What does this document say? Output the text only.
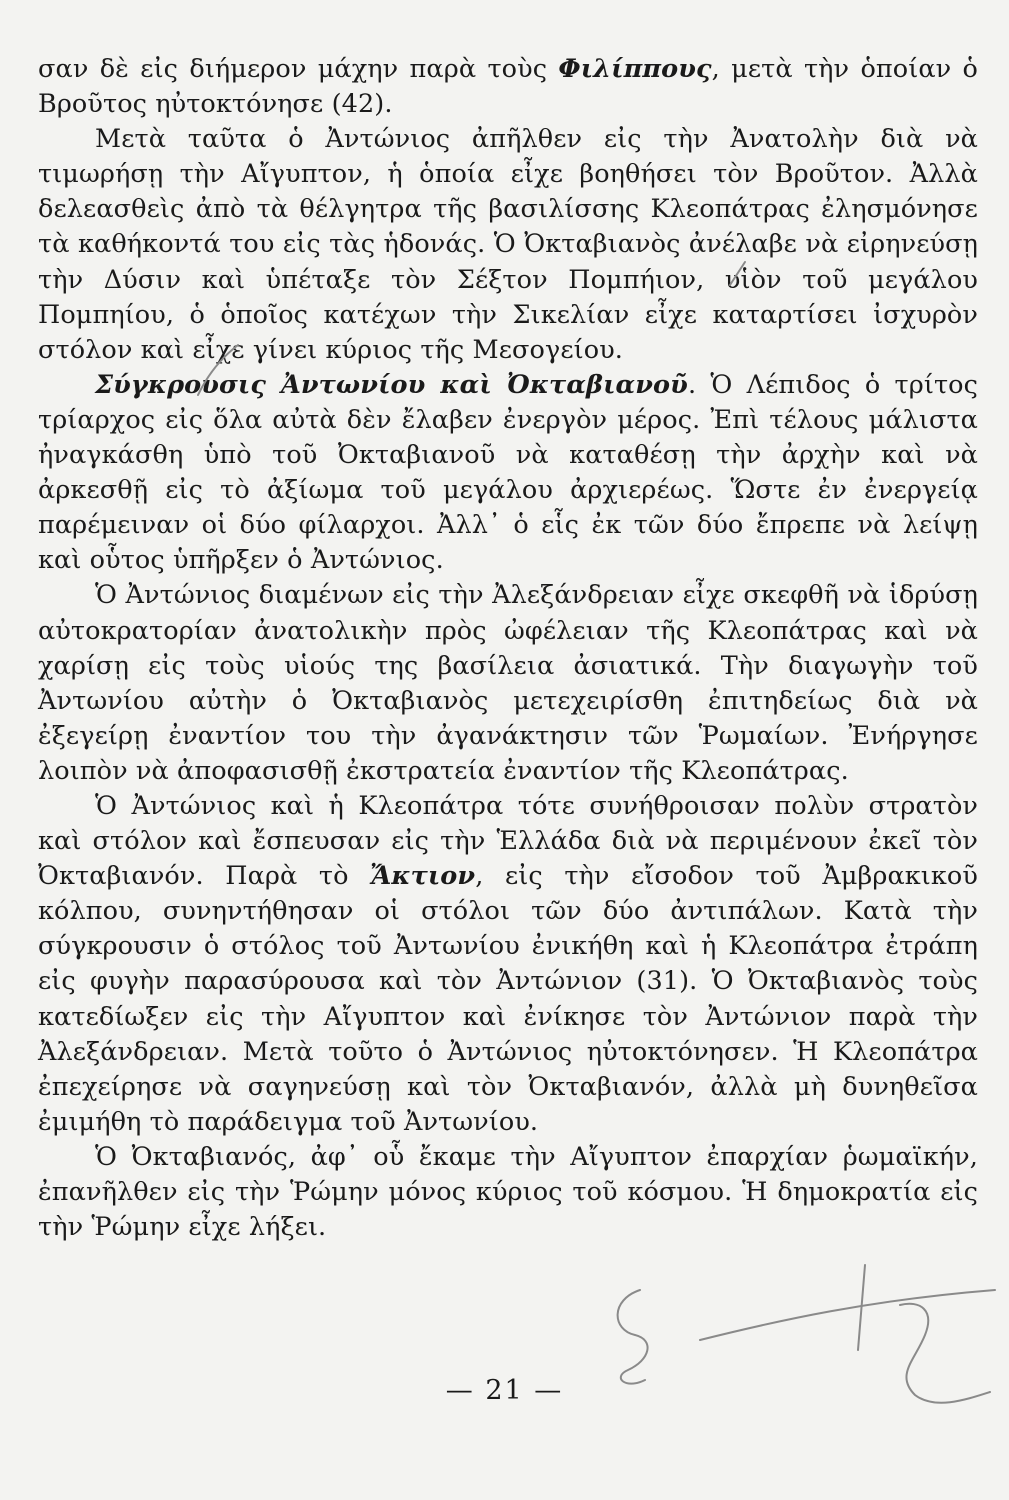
σαν δὲ εἰς διήμερον μάχην παρὰ τοὺς Φιλίππους, μετὰ τὴν ὁποίαν ὁ Βροῦτος ηὐτοκτόνησε (42).

Μετὰ ταῦτα ὁ Ἀντώνιος ἀπῆλθεν εἰς τὴν Ἀνατολὴν διὰ νὰ τιμωρήσῃ τὴν Αἴγυπτον, ἡ ὁποία εἶχε βοηθήσει τὸν Βροῦτον. Ἀλλὰ δελεασθεὶς ἀπὸ τὰ θέλγητρα τῆς βασιλίσσης Κλεοπάτρας ἐλησμόνησε τὰ καθήκοντά του εἰς τὰς ἡδονάς. Ὁ Ὀκταβιανὸς ἀνέλαβε νὰ εἰρηνεύσῃ τὴν Δύσιν καὶ ὑπέταξε τὸν Σέξτον Πομπήιον, υἱὸν τοῦ μεγάλου Πομπηίου, ὁ ὁποῖος κατέχων τὴν Σικελίαν εἶχε καταρτίσει ἰσχυρὸν στόλον καὶ εἶχε γίνει κύριος τῆς Μεσογείου.

Σύγκρουσις Ἀντωνίου καὶ Ὀκταβιανοῦ. Ὁ Λέπιδος ὁ τρίτος τρίαρχος εἰς ὅλα αὐτὰ δὲν ἔλαβεν ἐνεργὸν μέρος. Ἐπὶ τέλους μάλιστα ἠναγκάσθη ὑπὸ τοῦ Ὀκταβιανοῦ νὰ καταθέσῃ τὴν ἀρχὴν καὶ νὰ ἀρκεσθῇ εἰς τὸ ἀξίωμα τοῦ μεγάλου ἀρχιερέως. Ὥστε ἐν ἐνεργείᾳ παρέμειναν οἱ δύο φίλαρχοι. Ἀλλ᾽ ὁ εἷς ἐκ τῶν δύο ἔπρεπε νὰ λείψῃ καὶ οὗτος ὑπῆρξεν ὁ Ἀντώνιος.

Ὁ Ἀντώνιος διαμένων εἰς τὴν Ἀλεξάνδρειαν εἶχε σκεφθῆ νὰ ἱδρύσῃ αὐτοκρατορίαν ἀνατολικὴν πρὸς ὠφέλειαν τῆς Κλεοπάτρας καὶ νὰ χαρίσῃ εἰς τοὺς υἱούς της βασίλεια ἀσιατικά. Τὴν διαγωγὴν τοῦ Ἀντωνίου αὐτὴν ὁ Ὀκταβιανὸς μετεχειρίσθη ἐπιτηδείως διὰ νὰ ἐξεγείρῃ ἐναντίον του τὴν ἀγανάκτησιν τῶν Ῥωμαίων. Ἐνήργησε λοιπὸν νὰ ἀποφασισθῇ ἐκστρατεία ἐναντίον τῆς Κλεοπάτρας.

Ὁ Ἀντώνιος καὶ ἡ Κλεοπάτρα τότε συνήθροισαν πολὺν στρατὸν καὶ στόλον καὶ ἔσπευσαν εἰς τὴν Ἑλλάδα διὰ νὰ περιμένουν ἐκεῖ τὸν Ὀκταβιανόν. Παρὰ τὸ Ἄκτιον, εἰς τὴν εἴσοδον τοῦ Ἀμβρακικοῦ κόλπου, συνηντήθησαν οἱ στόλοι τῶν δύο ἀντιπάλων. Κατὰ τὴν σύγκρουσιν ὁ στόλος τοῦ Ἀντωνίου ἐνικήθη καὶ ἡ Κλεοπάτρα ἐτράπη εἰς φυγὴν παρασύρουσα καὶ τὸν Ἀντώνιον (31). Ὁ Ὀκταβιανὸς τοὺς κατεδίωξεν εἰς τὴν Αἴγυπτον καὶ ἐνίκησε τὸν Ἀντώνιον παρὰ τὴν Ἀλεξάνδρειαν. Μετὰ τοῦτο ὁ Ἀντώνιος ηὐτοκτόνησεν. Ἡ Κλεοπάτρα ἐπεχείρησε νὰ σαγηνεύσῃ καὶ τὸν Ὀκταβιανόν, ἀλλὰ μὴ δυνηθεῖσα ἐμιμήθη τὸ παράδειγμα τοῦ Ἀντωνίου.

Ὁ Ὀκταβιανός, ἀφ᾽ οὗ ἔκαμε τὴν Αἴγυπτον ἐπαρχίαν ῥωμαϊκήν, ἐπανῆλθεν εἰς τὴν Ῥώμην μόνος κύριος τοῦ κόσμου. Ἡ δημοκρατία εἰς τὴν Ῥώμην εἶχε λήξει.

— 21 —
